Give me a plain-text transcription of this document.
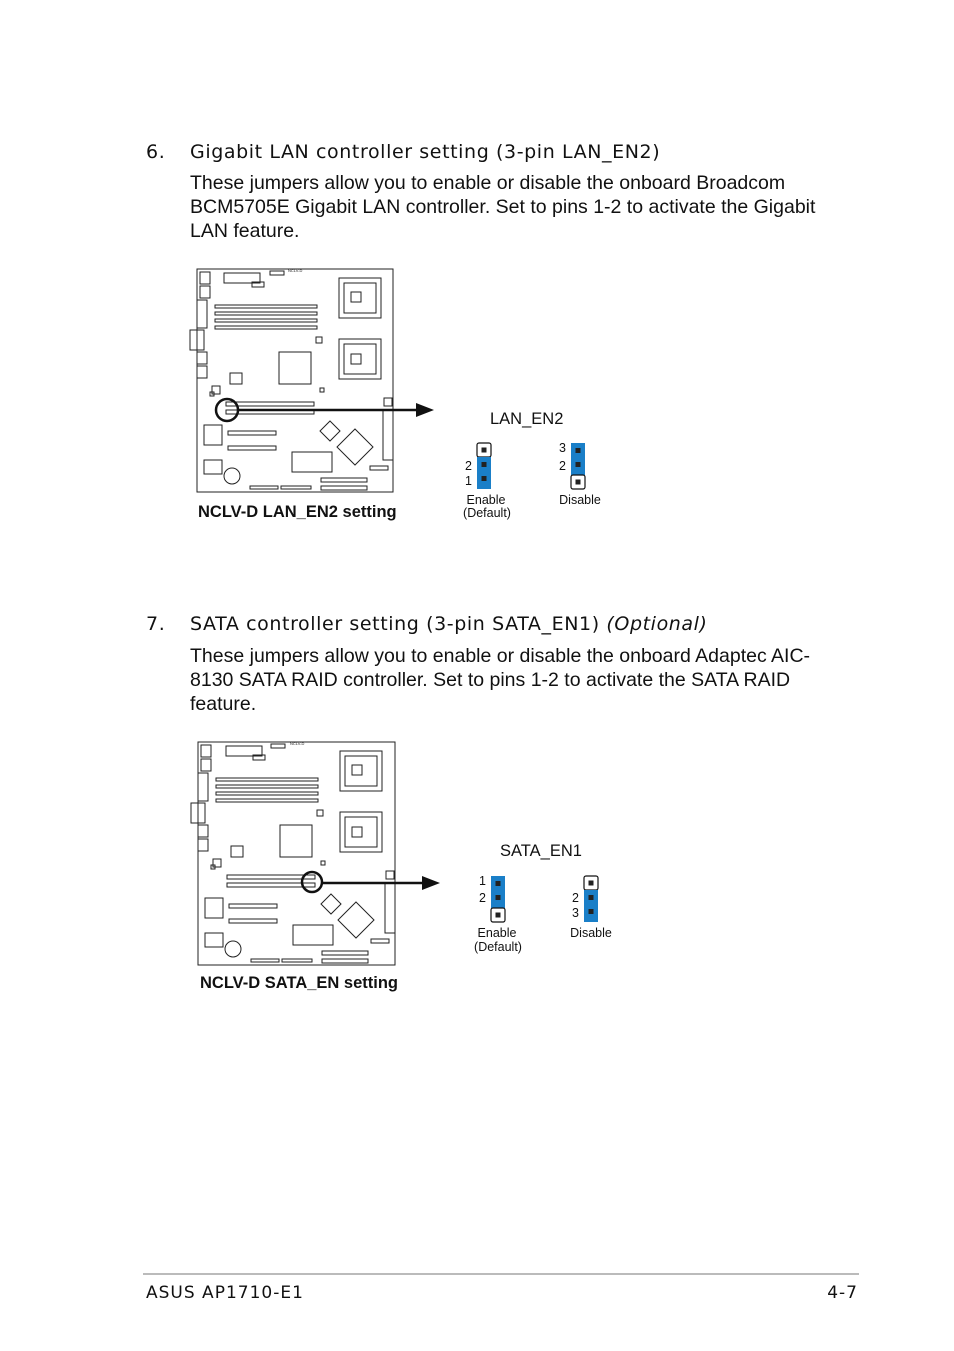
6. Gigabit LAN controller setting (3-pin LAN_EN2)

These jumpers allow you to enable or disable the onboard Broadcom BCM5705E Gigabit LAN controller. Set to pins 1-2 to activate the Gigabit LAN feature.

NCLV-D
LAN_EN2
2
1
3
2
Enable
(Default)
Disable
NCLV-D LAN_EN2 setting
7. SATA controller setting (3-pin SATA_EN1) (Optional)

These jumpers allow you to enable or disable the onboard Adaptec AIC-8130 SATA RAID controller. Set to pins 1-2 to activate the SATA RAID feature.

NCLV-D
SATA_EN1
1
2	2
3
Enable
(Default)
Disable
NCLV-D SATA_EN setting
ASUS AP1710-E1	4-7
